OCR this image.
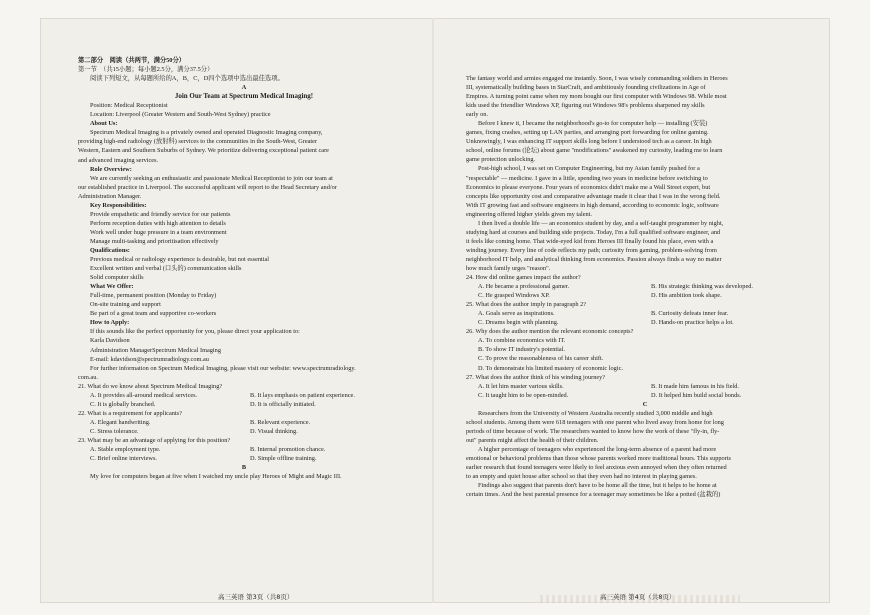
第二部分　阅读（共两节，满分50分）
第一节　（共15小题；每小题2.5分，满分37.5分）
阅读下列短文，从每题所给的A，B，C，D四个选项中选出最佳选项。
A
Join Our Team at Spectrum Medical Imaging!
Position: Medical Receptionist
Location: Liverpool (Greater Western and South-West Sydney) practice
About Us:
Spectrum Medical Imaging is a privately owned and operated Diagnostic Imaging company,
providing high-end radiology (放射科) services to the communities in the South-West, Greater
Western, Eastern and Southern Suburbs of Sydney. We prioritize delivering exceptional patient care
and advanced imaging services.
Role Overview:
We are currently seeking an enthusiastic and passionate Medical Receptionist to join our team at
our established practice in Liverpool. The successful applicant will report to the Head Secretary and/or
Administration Manager.
Key Responsibilities:
Provide empathetic and friendly service for our patients
Perform reception duties with high attention to details
Work well under huge pressure in a team environment
Manage multi-tasking and prioritisation effectively
Qualifications:
Previous medical or radiology experience is desirable, but not essential
Excellent written and verbal (口头的) communication skills
Solid computer skills
What We Offer:
Full-time, permanent position (Monday to Friday)
On-site training and support
Be part of a great team and supportive co-workers
How to Apply:
If this sounds like the perfect opportunity for you, please direct your application to:
Karla Davidson
Administration ManagerSpectrum Medical Imaging
E-mail: kdavidson@spectrumradiology.com.au
For further information on Spectrum Medical Imaging, please visit our website: www.spectrumradiology.
com.au.
21. What do we know about Spectrum Medical Imaging?
A. It provides all-around medical services.	B. It lays emphasis on patient experience.
C. It is globally branched.	D. It is officially initiated.
22. What is a requirement for applicants?
A. Elegant handwriting.	B. Relevant experience.
C. Stress tolerance.	D. Visual thinking.
23. What may be an advantage of applying for this position?
A. Stable employment type.	B. Internal promotion chance.
C. Brief online interviews.	D. Simple offline training.
B
My love for computers began at five when I watched my uncle play Heroes of Might and Magic III.
The fantasy world and armies engaged me instantly. Soon, I was wisely commanding soldiers in Heroes
III, systematically building bases in StarCraft, and ambitiously founding civilizations in Age of
Empires. A turning point came when my mom bought our first computer with Windows 98. While most
kids used the friendlier Windows XP, figuring out Windows 98's problems sharpened my skills
early on.
Before I knew it, I became the neighborhood's go-to for computer help — installing (安装)
games, fixing crashes, setting up LAN parties, and arranging port forwarding for online gaming.
Unknowingly, I was enhancing IT support skills long before I understood tech as a career. In high
school, online forums (论坛) about game "modifications" awakened my curiosity, leading me to learn
game protection unlocking.
Post-high school, I was set on Computer Engineering, but my Asian family pushed for a
"respectable" — medicine. I gave in a little, spending two years in medicine before switching to
Economics to please everyone. Four years of economics didn't make me a Wall Street expert, but
concepts like opportunity cost and comparative advantage made it clear that I was in the wrong field.
With IT growing fast and software engineers in high demand, according to economic logic, software
engineering offered higher yields given my talent.
I then lived a double life — an economics student by day, and a self-taught programmer by night,
studying hard at courses and building side projects. Today, I'm a full qualified software engineer, and
it feels like coming home. That wide-eyed kid from Heroes III finally found his place, even with a
winding journey. Every line of code reflects my path; curiosity from gaming, problem-solving from
neighborhood IT help, and analytical thinking from economics. Passion always finds a way no matter
how much family urges "reason".
24. How did online games impact the author?
A. He became a professional gamer.	B. His strategic thinking was developed.
C. He grasped Windows XP.	D. His ambition took shape.
25. What does the author imply in paragraph 2?
A. Goals serve as inspirations.	B. Curiosity defeats inner fear.
C. Dreams begin with planning.	D. Hands-on practice helps a lot.
26. Why does the author mention the relevant economic concepts?
A. To combine economics with IT.
B. To show IT industry's potential.
C. To prove the reasonableness of his career shift.
D. To demonstrate his limited mastery of economic logic.
27. What does the author think of his winding journey?
A. It let him master various skills.	B. It made him famous in his field.
C. It taught him to be open-minded.	D. It helped him build social bonds.
C
Researchers from the University of Western Australia recently studied 3,000 middle and high
school students. Among them were 618 teenagers with one parent who lived away from home for long
periods of time because of work. The researchers wanted to know how the work of these "fly-in, fly-
out" parents might affect the health of their children.
A higher percentage of teenagers who experienced the long-term absence of a parent had more
emotional or behavioral problems than those whose parents worked more traditional hours. This supports
earlier research that found teenagers were likely to feel anxious even annoyed when they often returned
to an empty and quiet house after school so that they even had no interest in playing games.
Findings also suggest that parents don't have to be home all the time, but it helps to be home at
certain times. And the best parental presence for a teenager may sometimes be like a potted (盆栽的)
高三英语 第3页（共8页）	高三英语 第4页（共8页）
